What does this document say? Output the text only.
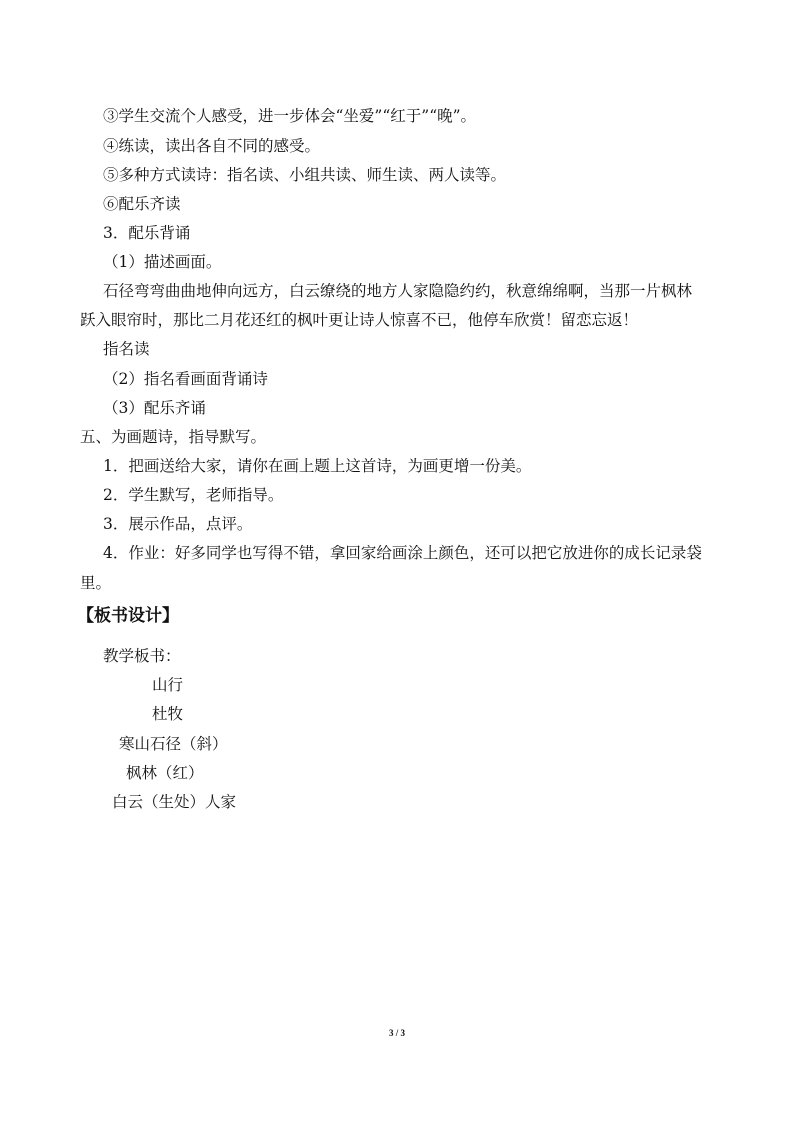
③学生交流个人感受，进一步体会“坐爱”“红于”“晚”。
④练读，读出各自不同的感受。
⑤多种方式读诗：指名读、小组共读、师生读、两人读等。
⑥配乐齐读
3．配乐背诵
（1）描述画面。
石径弯弯曲曲地伸向远方，白云缭绕的地方人家隐隐约约，秋意绵绵啊，当那一片枫林
跃入眼帘时，那比二月花还红的枫叶更让诗人惊喜不已，他停车欣赏！留恋忘返！
指名读
（2）指名看画面背诵诗
（3）配乐齐诵
五、为画题诗，指导默写。
1．把画送给大家，请你在画上题上这首诗，为画更增一份美。
2．学生默写，老师指导。
3．展示作品，点评。
4．作业：好多同学也写得不错，拿回家给画涂上颜色，还可以把它放进你的成长记录袋
里。
【板书设计】
教学板书：
山行
杜牧
寒山石径（斜）
枫林（红）
白云（生处）人家
3 / 3
